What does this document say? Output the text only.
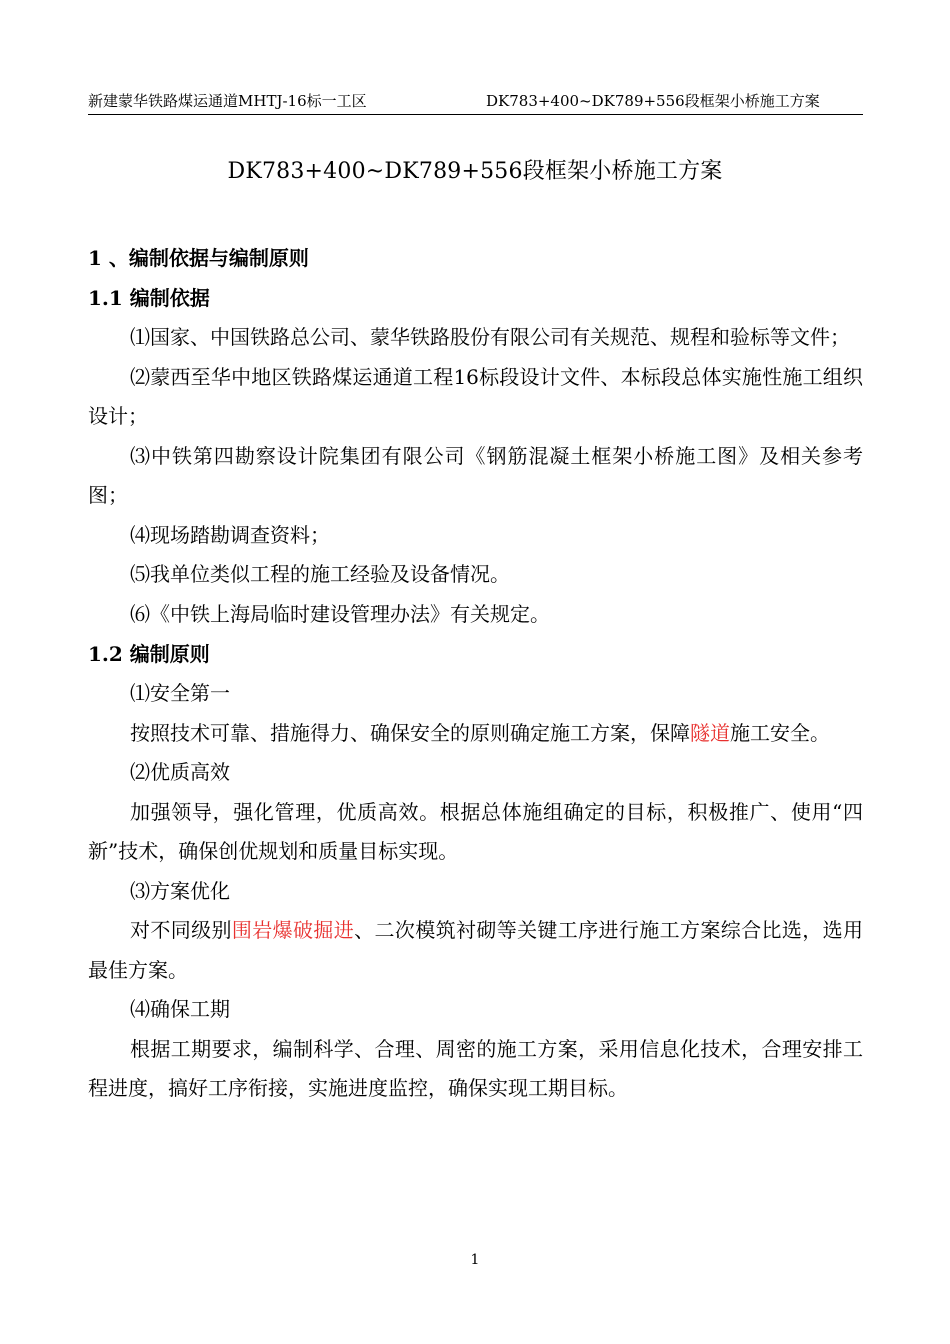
新建蒙华铁路煤运通道MHTJ-16标一工区	DK783+400~DK789+556段框架小桥施工方案
DK783+400~DK789+556段框架小桥施工方案
1 、编制依据与编制原则
1.1 编制依据

⑴国家、中国铁路总公司、蒙华铁路股份有限公司有关规范、规程和验标等文件；

⑵蒙西至华中地区铁路煤运通道工程16标段设计文件、本标段总体实施性施工组织设计；

⑶中铁第四勘察设计院集团有限公司《钢筋混凝土框架小桥施工图》及相关参考图；

⑷现场踏勘调查资料；

⑸我单位类似工程的施工经验及设备情况。

⑹《中铁上海局临时建设管理办法》有关规定。

1.2 编制原则

⑴安全第一

按照技术可靠、措施得力、确保安全的原则确定施工方案，保障隧道施工安全。

⑵优质高效

加强领导，强化管理，优质高效。根据总体施组确定的目标，积极推广、使用“四新”技术，确保创优规划和质量目标实现。

⑶方案优化

对不同级别围岩爆破掘进、二次模筑衬砌等关键工序进行施工方案综合比选，选用最佳方案。

⑷确保工期

根据工期要求，编制科学、合理、周密的施工方案，采用信息化技术，合理安排工程进度，搞好工序衔接，实施进度监控，确保实现工期目标。

1
